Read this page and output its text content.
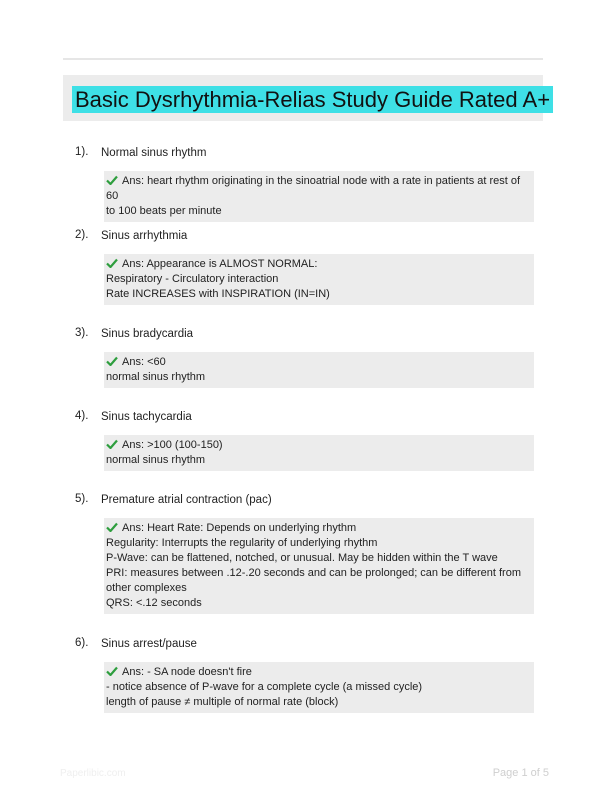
Basic Dysrhythmia-Relias Study Guide Rated A+
1). Normal sinus rhythm
Ans: heart rhythm originating in the sinoatrial node with a rate in patients at rest of 60
to 100 beats per minute
2). Sinus arrhythmia
Ans: Appearance is ALMOST NORMAL:
Respiratory - Circulatory interaction
Rate INCREASES with INSPIRATION (IN=IN)
3). Sinus bradycardia
Ans: <60
normal sinus rhythm
4). Sinus tachycardia
Ans: >100 (100-150)
normal sinus rhythm
5). Premature atrial contraction (pac)
Ans: Heart Rate: Depends on underlying rhythm
Regularity: Interrupts the regularity of underlying rhythm
P-Wave: can be flattened, notched, or unusual. May be hidden within the T wave
PRI: measures between .12-.20 seconds and can be prolonged; can be different from
other complexes
QRS: <.12 seconds
6). Sinus arrest/pause
Ans: - SA node doesn't fire
- notice absence of P-wave for a complete cycle (a missed cycle)
length of pause ≠ multiple of normal rate (block)
Paperlibic.com	Page 1 of 5
